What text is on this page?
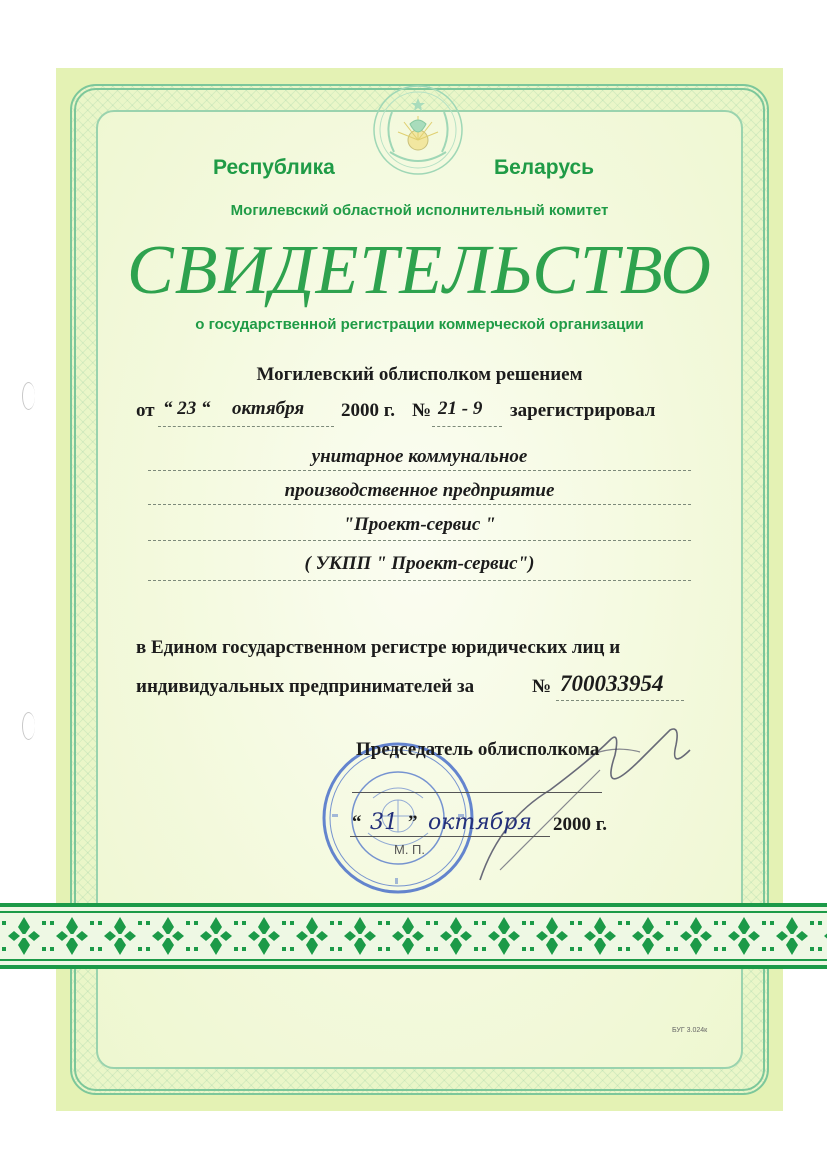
Республика	Беларусь
Могилевский областной исполнительный комитет
СВИДЕТЕЛЬСТВО
о государственной регистрации коммерческой организации
Могилевский облисполком решением
от “ 23 “ октября 2000 г. № 21 - 9 зарегистрировал
унитарное коммунальное
производственное предприятие
"Проект-сервис "
( УКПП " Проект-сервис")
в Едином государственном регистре юридических лиц и
индивидуальных предпринимателей за	№ 700033954
Председатель облисполкома
“ 31 ” октября 2000 г.
М. П.
БУГ 3.024к
